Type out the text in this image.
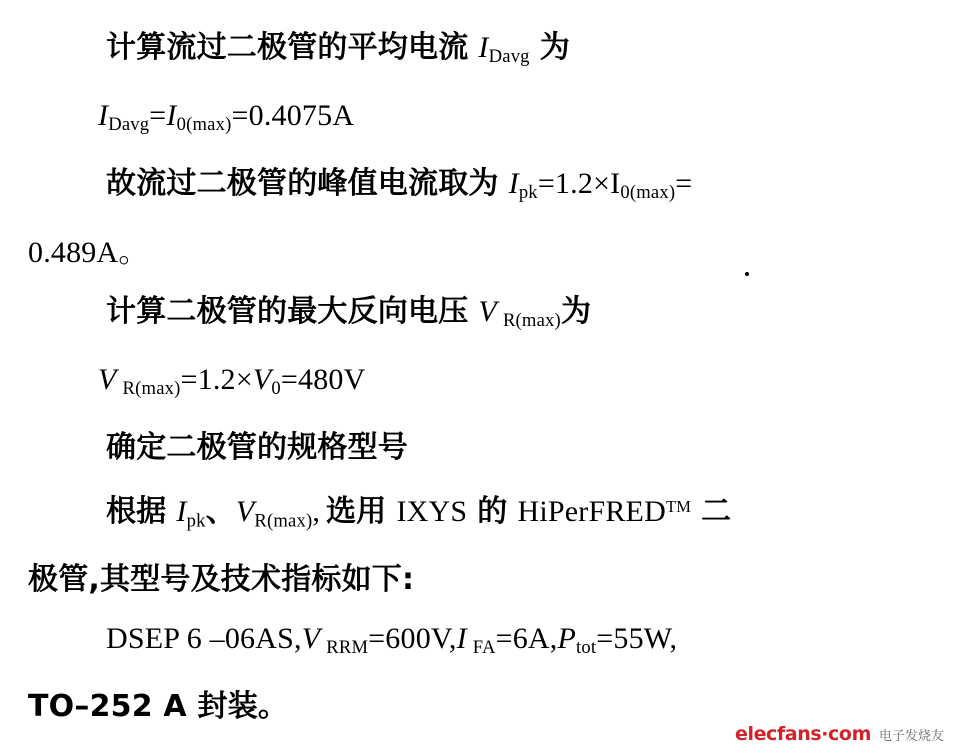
计算流过二极管的平均电流 $I_{Davg}$ 为
$I_{Davg}=I_{0(max)}=0.4075A$
故流过二极管的峰值电流取为 $I_{pk}=1.2\times I_{0(max)}=$
0.489A。
计算二极管的最大反向电压 V $_{R(max)}$为
V $_{R(max)}=1.2\times V_0=480V$
确定二极管的规格型号
根据 $I_{pk}$、$V_{R(max)}$, 选用 IXYS 的 HiPerFRED™ 二
极管,其型号及技术指标如下:
DSEP 6 –06AS,V $_{RRM}$=600V,I $_{FA}=6A,P_{tot}=55W$,
TO–252 A 封装。
elecfans·com 电子发烧友
